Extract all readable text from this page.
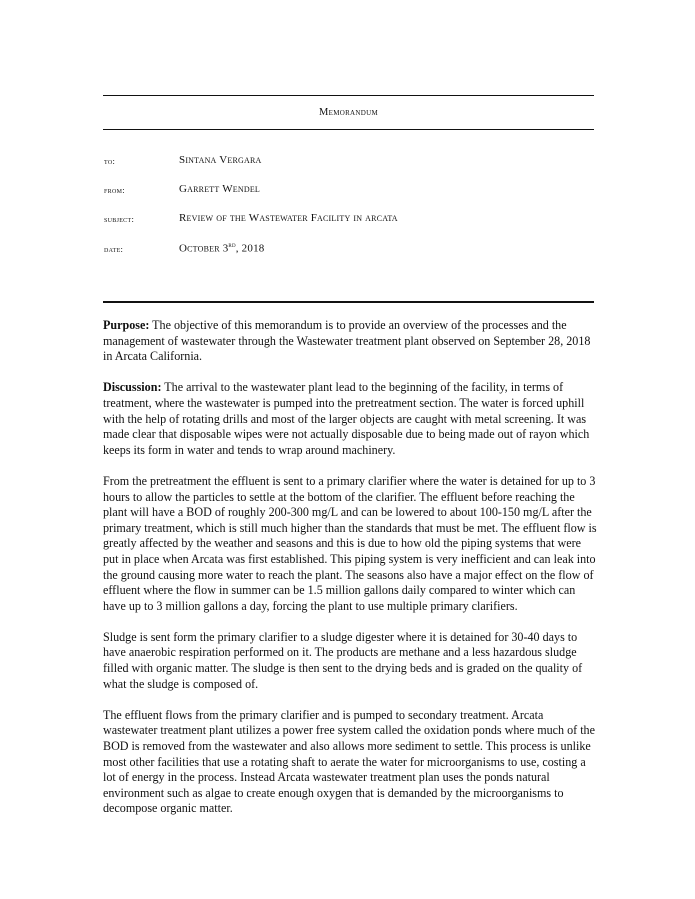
Memorandum
to:	Sintana Vergara
from:	Garrett Wendel
subject:	Review of the Wastewater Facility in arcata
date:	October 3rd, 2018

Purpose: The objective of this memorandum is to provide an overview of the processes and the management of wastewater through the Wastewater treatment plant observed on September 28, 2018 in Arcata California.

Discussion: The arrival to the wastewater plant lead to the beginning of the facility, in terms of treatment, where the wastewater is pumped into the pretreatment section. The water is forced uphill with the help of rotating drills and most of the larger objects are caught with metal screening. It was made clear that disposable wipes were not actually disposable due to being made out of rayon which keeps its form in water and tends to wrap around machinery.

From the pretreatment the effluent is sent to a primary clarifier where the water is detained for up to 3 hours to allow the particles to settle at the bottom of the clarifier. The effluent before reaching the plant will have a BOD of roughly 200-300 mg/L and can be lowered to about 100-150 mg/L after the primary treatment, which is still much higher than the standards that must be met. The effluent flow is greatly affected by the weather and seasons and this is due to how old the piping systems that were put in place when Arcata was first established. This piping system is very inefficient and can leak into the ground causing more water to reach the plant. The seasons also have a major effect on the flow of effluent where the flow in summer can be 1.5 million gallons daily compared to winter which can have up to 3 million gallons a day, forcing the plant to use multiple primary clarifiers.

Sludge is sent form the primary clarifier to a sludge digester where it is detained for 30-40 days to have anaerobic respiration performed on it. The products are methane and a less hazardous sludge filled with organic matter. The sludge is then sent to the drying beds and is graded on the quality of what the sludge is composed of.

The effluent flows from the primary clarifier and is pumped to secondary treatment. Arcata wastewater treatment plant utilizes a power free system called the oxidation ponds where much of the BOD is removed from the wastewater and also allows more sediment to settle. This process is unlike most other facilities that use a rotating shaft to aerate the water for microorganisms to use, costing a lot of energy in the process. Instead Arcata wastewater treatment plan uses the ponds natural environment such as algae to create enough oxygen that is demanded by the microorganisms to decompose organic matter.
